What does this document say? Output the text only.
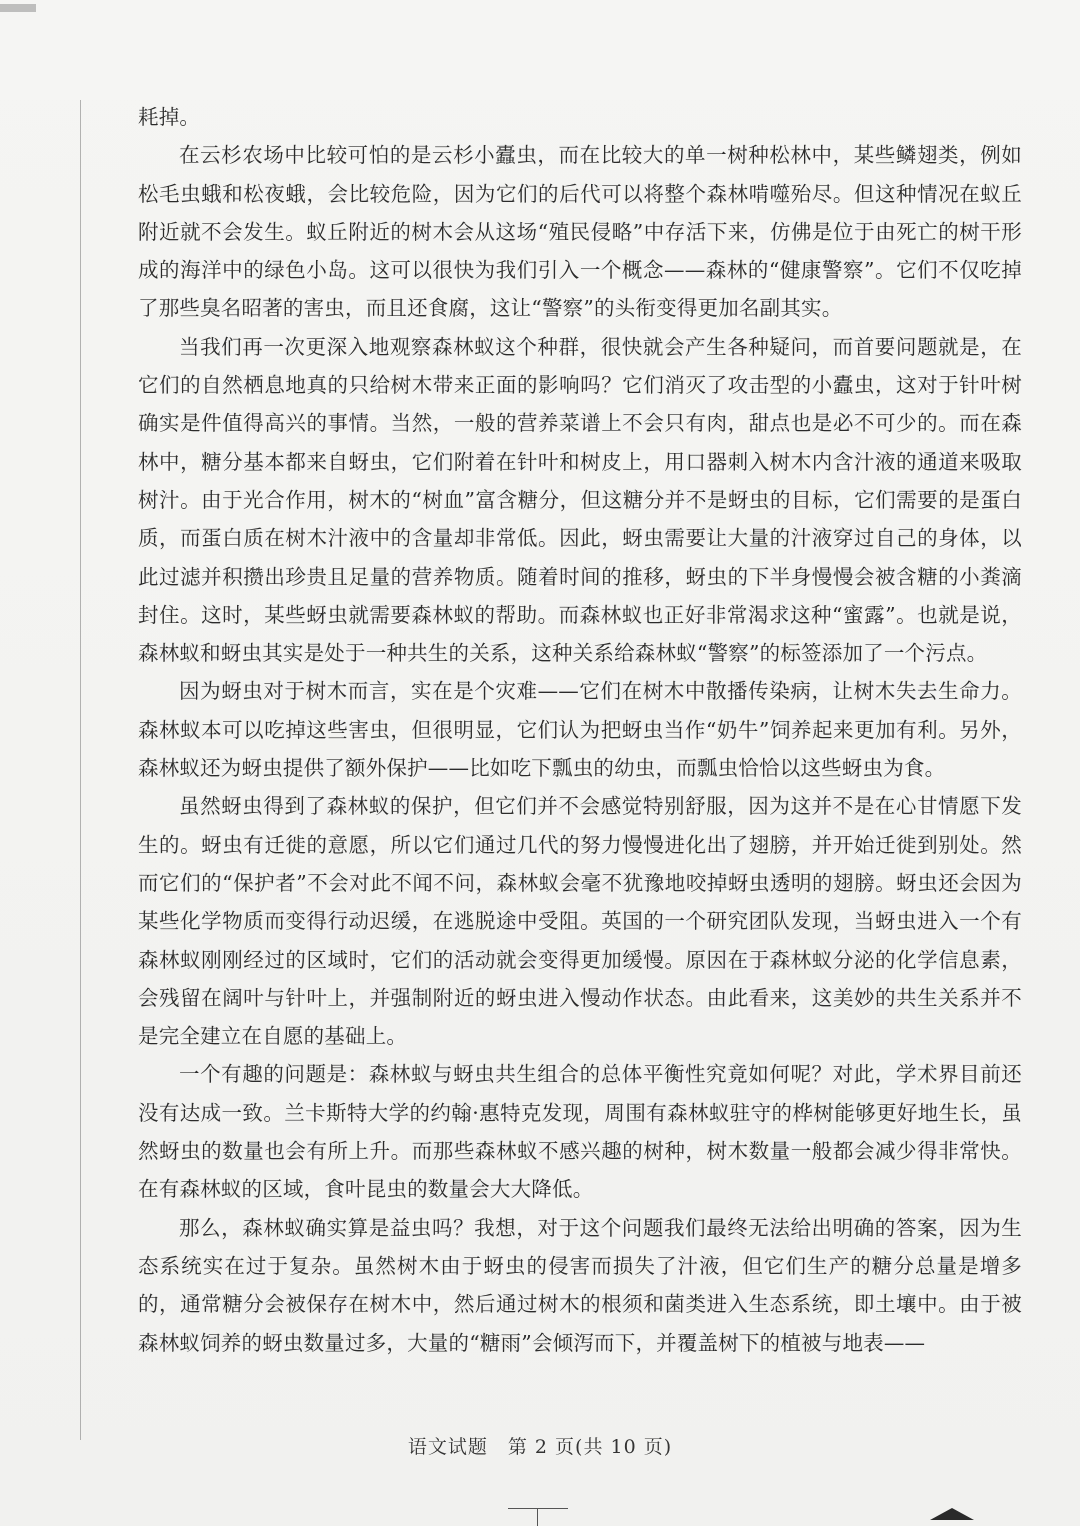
耗掉。

在云杉农场中比较可怕的是云杉小蠹虫，而在比较大的单一树种松林中，某些鳞翅类，例如松毛虫蛾和松夜蛾，会比较危险，因为它们的后代可以将整个森林啃噬殆尽。但这种情况在蚁丘附近就不会发生。蚁丘附近的树木会从这场“殖民侵略”中存活下来，仿佛是位于由死亡的树干形成的海洋中的绿色小岛。这可以很快为我们引入一个概念——森林的“健康警察”。它们不仅吃掉了那些臭名昭著的害虫，而且还食腐，这让“警察”的头衔变得更加名副其实。

当我们再一次更深入地观察森林蚁这个种群，很快就会产生各种疑问，而首要问题就是，在它们的自然栖息地真的只给树木带来正面的影响吗？它们消灭了攻击型的小蠹虫，这对于针叶树确实是件值得高兴的事情。当然，一般的营养菜谱上不会只有肉，甜点也是必不可少的。而在森林中，糖分基本都来自蚜虫，它们附着在针叶和树皮上，用口器刺入树木内含汁液的通道来吸取树汁。由于光合作用，树木的“树血”富含糖分，但这糖分并不是蚜虫的目标，它们需要的是蛋白质，而蛋白质在树木汁液中的含量却非常低。因此，蚜虫需要让大量的汁液穿过自己的身体，以此过滤并积攒出珍贵且足量的营养物质。随着时间的推移，蚜虫的下半身慢慢会被含糖的小粪滴封住。这时，某些蚜虫就需要森林蚁的帮助。而森林蚁也正好非常渴求这种“蜜露”。也就是说，森林蚁和蚜虫其实是处于一种共生的关系，这种关系给森林蚁“警察”的标签添加了一个污点。

因为蚜虫对于树木而言，实在是个灾难——它们在树木中散播传染病，让树木失去生命力。森林蚁本可以吃掉这些害虫，但很明显，它们认为把蚜虫当作“奶牛”饲养起来更加有利。另外，森林蚁还为蚜虫提供了额外保护——比如吃下瓢虫的幼虫，而瓢虫恰恰以这些蚜虫为食。

虽然蚜虫得到了森林蚁的保护，但它们并不会感觉特别舒服，因为这并不是在心甘情愿下发生的。蚜虫有迁徙的意愿，所以它们通过几代的努力慢慢进化出了翅膀，并开始迁徙到别处。然而它们的“保护者”不会对此不闻不问，森林蚁会毫不犹豫地咬掉蚜虫透明的翅膀。蚜虫还会因为某些化学物质而变得行动迟缓，在逃脱途中受阻。英国的一个研究团队发现，当蚜虫进入一个有森林蚁刚刚经过的区域时，它们的活动就会变得更加缓慢。原因在于森林蚁分泌的化学信息素，会残留在阔叶与针叶上，并强制附近的蚜虫进入慢动作状态。由此看来，这美妙的共生关系并不是完全建立在自愿的基础上。

一个有趣的问题是：森林蚁与蚜虫共生组合的总体平衡性究竟如何呢？对此，学术界目前还没有达成一致。兰卡斯特大学的约翰·惠特克发现，周围有森林蚁驻守的桦树能够更好地生长，虽然蚜虫的数量也会有所上升。而那些森林蚁不感兴趣的树种，树木数量一般都会减少得非常快。在有森林蚁的区域，食叶昆虫的数量会大大降低。

那么，森林蚁确实算是益虫吗？我想，对于这个问题我们最终无法给出明确的答案，因为生态系统实在过于复杂。虽然树木由于蚜虫的侵害而损失了汁液，但它们生产的糖分总量是增多的，通常糖分会被保存在树木中，然后通过树木的根须和菌类进入生态系统，即土壤中。由于被森林蚁饲养的蚜虫数量过多，大量的“糖雨”会倾泻而下，并覆盖树下的植被与地表——

语文试题　第 2 页(共 10 页)
